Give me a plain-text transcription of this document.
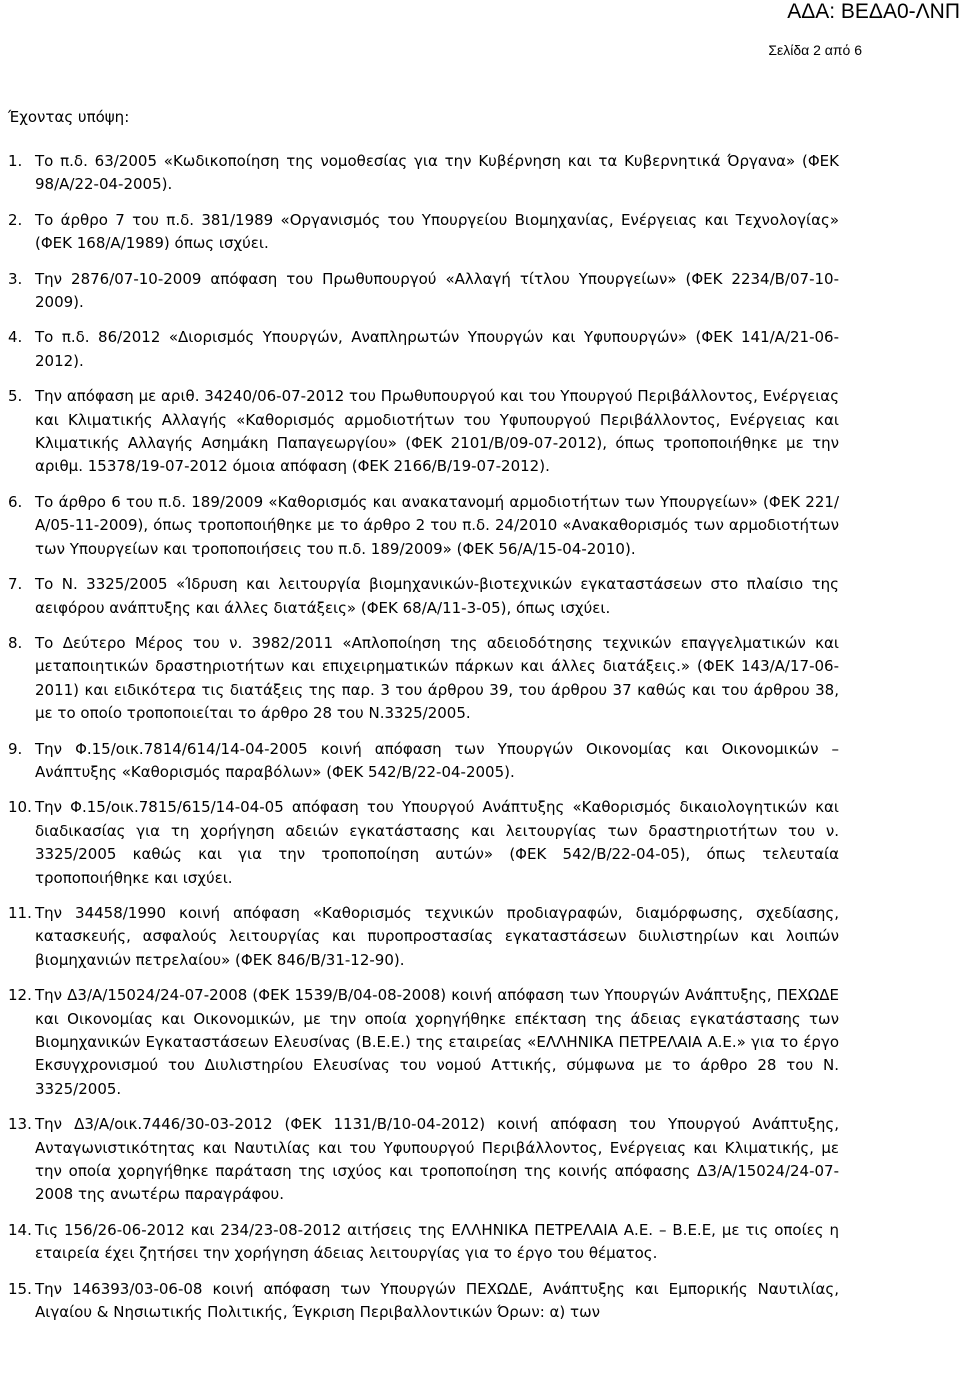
ΑΔΑ: ΒΕΔΑ0-ΛΝΠ
Σελίδα 2 από 6
Έχοντας υπόψη:
1. Το π.δ. 63/2005 «Κωδικοποίηση της νομοθεσίας για την Κυβέρνηση και τα Κυβερνητικά Όργανα» (ΦΕΚ 98/Α/22-04-2005).
2. Το άρθρο 7 του π.δ. 381/1989 «Οργανισμός του Υπουργείου Βιομηχανίας, Ενέργειας και Τεχνολογίας» (ΦΕΚ 168/Α/1989) όπως ισχύει.
3. Την 2876/07-10-2009 απόφαση του Πρωθυπουργού «Αλλαγή τίτλου Υπουργείων» (ΦΕΚ 2234/Β/07-10-2009).
4. Το π.δ. 86/2012 «Διορισμός Υπουργών, Αναπληρωτών Υπουργών και Υφυπουργών» (ΦΕΚ 141/Α/21-06-2012).
5. Την απόφαση με αριθ. 34240/06-07-2012 του Πρωθυπουργού και του Υπουργού Περιβάλλοντος, Ενέργειας και Κλιματικής Αλλαγής «Καθορισμός αρμοδιοτήτων του Υφυπουργού Περιβάλλοντος, Ενέργειας και Κλιματικής Αλλαγής Ασημάκη Παπαγεωργίου» (ΦΕΚ 2101/Β/09-07-2012), όπως τροποποιήθηκε με την αριθμ. 15378/19-07-2012 όμοια απόφαση (ΦΕΚ 2166/Β/19-07-2012).
6. Το άρθρο 6 του π.δ. 189/2009 «Καθορισμός και ανακατανομή αρμοδιοτήτων των Υπουργείων» (ΦΕΚ 221/Α/05-11-2009), όπως τροποποιήθηκε με το άρθρο 2 του π.δ. 24/2010 «Ανακαθορισμός των αρμοδιοτήτων των Υπουργείων και τροποποιήσεις του π.δ. 189/2009» (ΦΕΚ 56/Α/15-04-2010).
7. Το Ν. 3325/2005 «Ίδρυση και λειτουργία βιομηχανικών-βιοτεχνικών εγκαταστάσεων στο πλαίσιο της αειφόρου ανάπτυξης και άλλες διατάξεις» (ΦΕΚ 68/Α/11-3-05), όπως ισχύει.
8. Το Δεύτερο Μέρος του ν. 3982/2011 «Απλοποίηση της αδειοδότησης τεχνικών επαγγελματικών και μεταποιητικών δραστηριοτήτων και επιχειρηματικών πάρκων και άλλες διατάξεις.» (ΦΕΚ 143/Α/17-06-2011) και ειδικότερα τις διατάξεις της παρ. 3 του άρθρου 39, του άρθρου 37 καθώς και του άρθρου 38, με το οποίο τροποποιείται το άρθρο 28 του Ν.3325/2005.
9. Την Φ.15/οικ.7814/614/14-04-2005 κοινή απόφαση των Υπουργών Οικονομίας και Οικονομικών – Ανάπτυξης «Καθορισμός παραβόλων» (ΦΕΚ 542/Β/22-04-2005).
10. Την Φ.15/οικ.7815/615/14-04-05 απόφαση του Υπουργού Ανάπτυξης «Καθορισμός δικαιολογητικών και διαδικασίας για τη χορήγηση αδειών εγκατάστασης και λειτουργίας των δραστηριοτήτων του ν. 3325/2005 καθώς και για την τροποποίηση αυτών» (ΦΕΚ 542/Β/22-04-05), όπως τελευταία τροποποιήθηκε και ισχύει.
11. Την 34458/1990 κοινή απόφαση «Καθορισμός τεχνικών προδιαγραφών, διαμόρφωσης, σχεδίασης, κατασκευής, ασφαλούς λειτουργίας και πυροπροστασίας εγκαταστάσεων διυλιστηρίων και λοιπών βιομηχανιών πετρελαίου» (ΦΕΚ 846/Β/31-12-90).
12. Την Δ3/Α/15024/24-07-2008 (ΦΕΚ 1539/Β/04-08-2008) κοινή απόφαση των Υπουργών Ανάπτυξης, ΠΕΧΩΔΕ και Οικονομίας και Οικονομικών, με την οποία χορηγήθηκε επέκταση της άδειας εγκατάστασης των Βιομηχανικών Εγκαταστάσεων Ελευσίνας (Β.Ε.Ε.) της εταιρείας «ΕΛΛΗΝΙΚΑ ΠΕΤΡΕΛΑΙΑ Α.Ε.» για το έργο Εκσυγχρονισμού του Διυλιστηρίου Ελευσίνας του νομού Αττικής, σύμφωνα με το άρθρο 28 του Ν. 3325/2005.
13. Την Δ3/Α/οικ.7446/30-03-2012 (ΦΕΚ 1131/Β/10-04-2012) κοινή απόφαση του Υπουργού Ανάπτυξης, Ανταγωνιστικότητας και Ναυτιλίας και του Υφυπουργού Περιβάλλοντος, Ενέργειας και Κλιματικής, με την οποία χορηγήθηκε παράταση της ισχύος και τροποποίηση της κοινής απόφασης Δ3/Α/15024/24-07-2008 της ανωτέρω παραγράφου.
14. Τις 156/26-06-2012 και 234/23-08-2012 αιτήσεις της ΕΛΛΗΝΙΚΑ ΠΕΤΡΕΛΑΙΑ Α.Ε. – Β.Ε.Ε, με τις οποίες η εταιρεία έχει ζητήσει την χορήγηση άδειας λειτουργίας για το έργο του θέματος.
15. Την 146393/03-06-08 κοινή απόφαση των Υπουργών ΠΕΧΩΔΕ, Ανάπτυξης και Εμπορικής Ναυτιλίας, Αιγαίου & Νησιωτικής Πολιτικής, Έγκριση Περιβαλλοντικών Όρων: α) των
